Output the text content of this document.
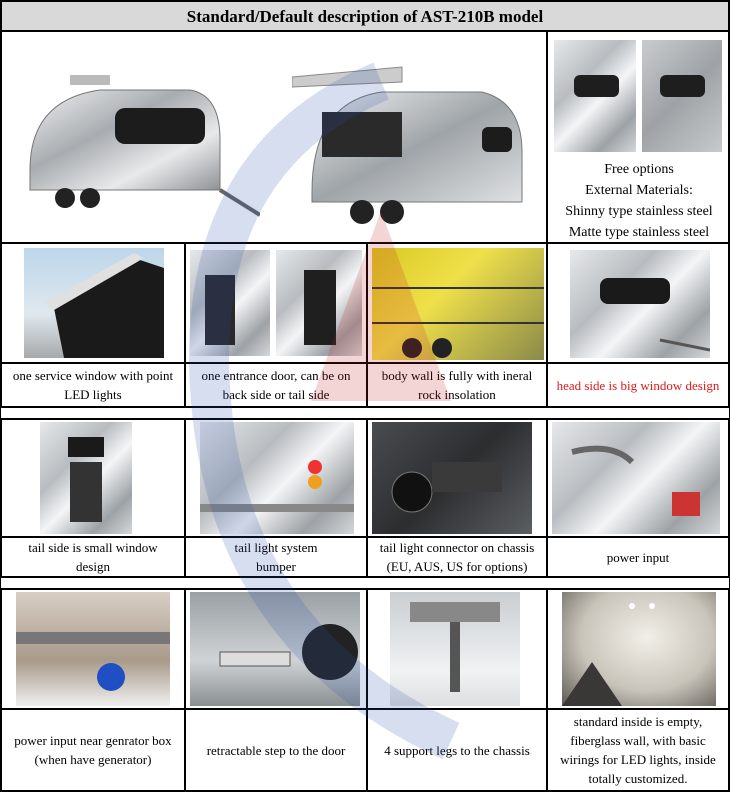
Standard/Default description of AST-210B model
Free options
External Materials:
Shinny type stainless steel
Matte type stainless steel
one service window with point LED lights
one entrance door, can be on back side or tail side
body wall is fully with ineral rock insolation
head side is big window design
tail side is small window
design
tail light system
bumper
tail light connector on chassis
(EU, AUS, US for options)
power input
power input near genrator box (when have generator)
retractable step to the door	4 support legs to the chassis
standard inside is empty, fiberglass wall, with basic wirings for LED lights, inside totally customized.
